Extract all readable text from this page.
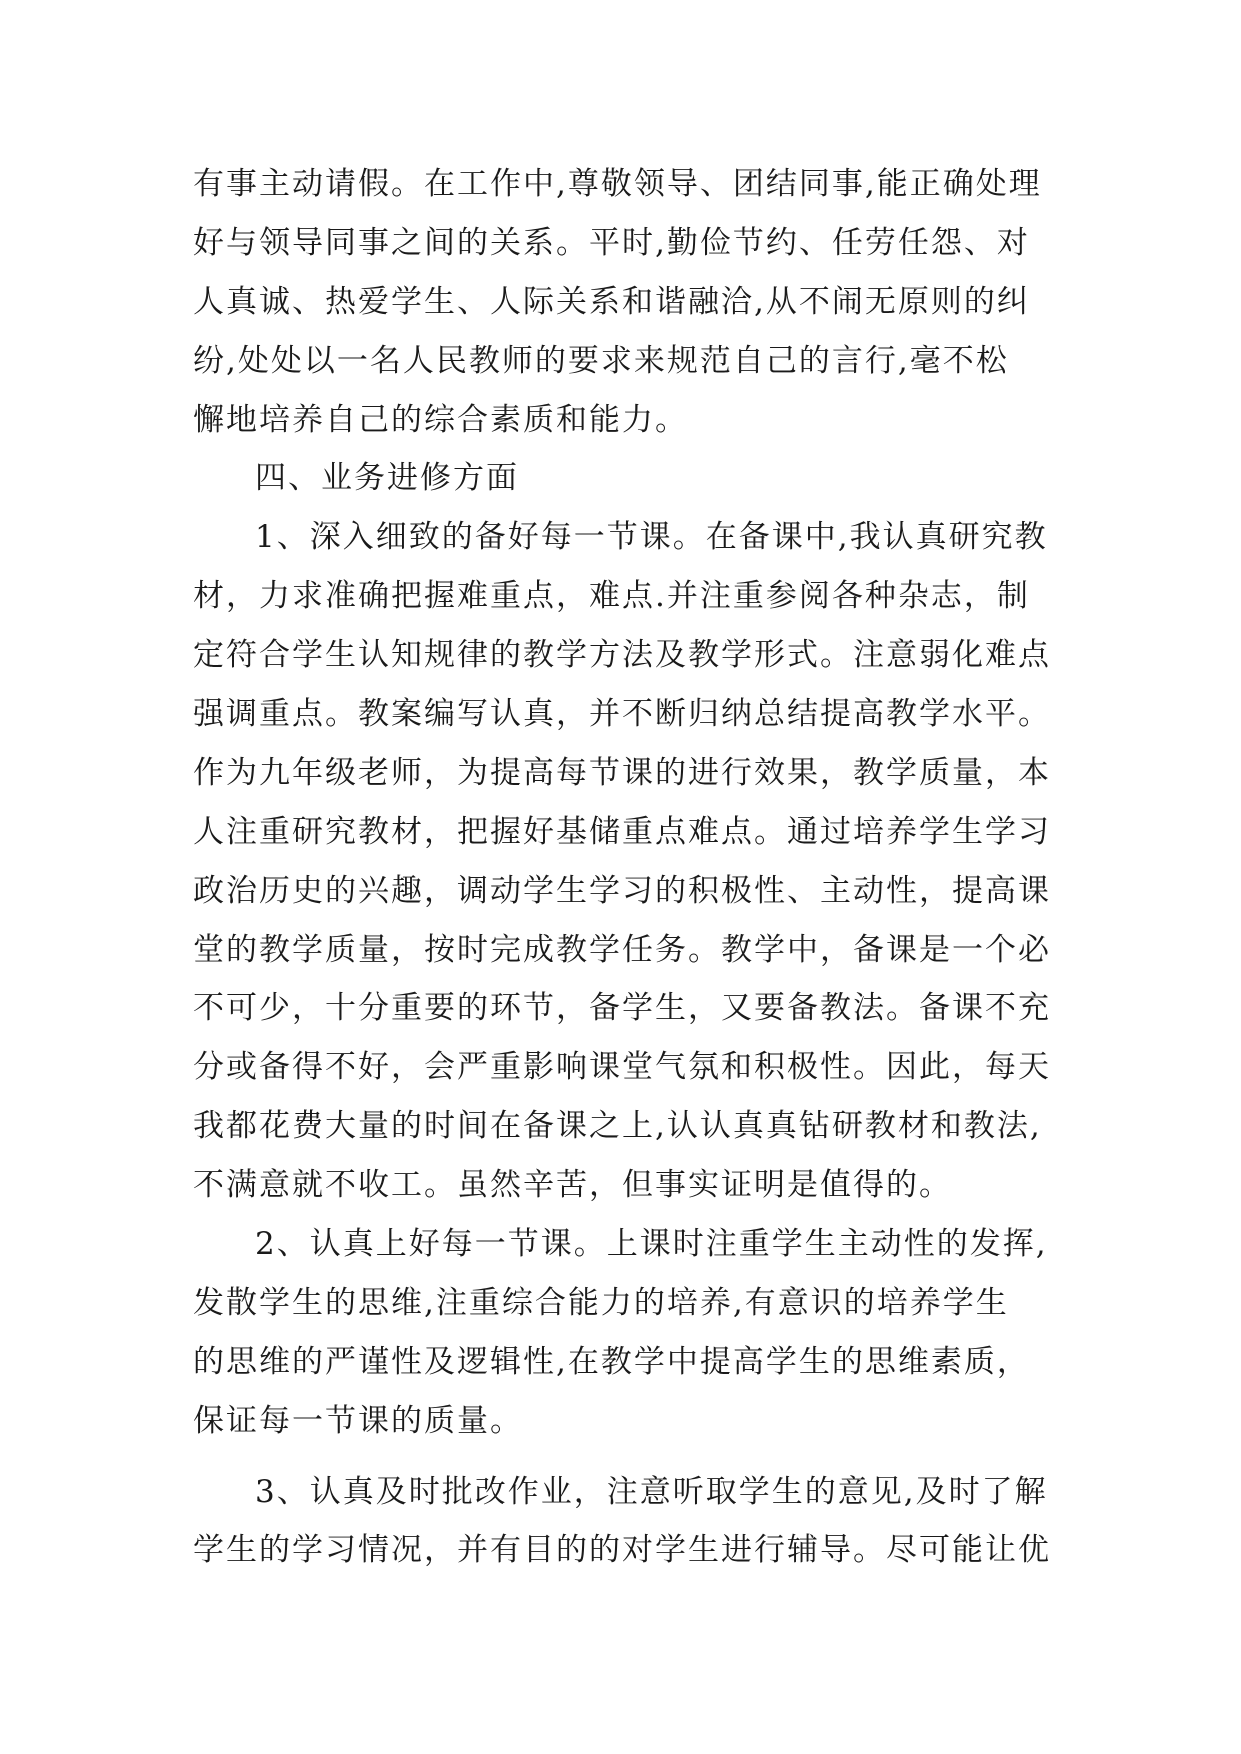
有事主动请假。在工作中,尊敬领导、团结同事,能正确处理
好与领导同事之间的关系。平时,勤俭节约、任劳任怨、对
人真诚、热爱学生、人际关系和谐融洽,从不闹无原则的纠
纷,处处以一名人民教师的要求来规范自己的言行,毫不松
懈地培养自己的综合素质和能力。
四、业务进修方面
1、深入细致的备好每一节课。在备课中,我认真研究教
材，力求准确把握难重点，难点.并注重参阅各种杂志，制
定符合学生认知规律的教学方法及教学形式。注意弱化难点
强调重点。教案编写认真，并不断归纳总结提高教学水平。
作为九年级老师，为提高每节课的进行效果，教学质量，本
人注重研究教材，把握好基储重点难点。通过培养学生学习
政治历史的兴趣，调动学生学习的积极性、主动性，提高课
堂的教学质量，按时完成教学任务。教学中，备课是一个必
不可少，十分重要的环节，备学生，又要备教法。备课不充
分或备得不好，会严重影响课堂气氛和积极性。因此，每天
我都花费大量的时间在备课之上,认认真真钻研教材和教法,
不满意就不收工。虽然辛苦，但事实证明是值得的。
2、认真上好每一节课。上课时注重学生主动性的发挥,
发散学生的思维,注重综合能力的培养,有意识的培养学生
的思维的严谨性及逻辑性,在教学中提高学生的思维素质，
保证每一节课的质量。
3、认真及时批改作业，注意听取学生的意见,及时了解
学生的学习情况，并有目的的对学生进行辅导。尽可能让优
